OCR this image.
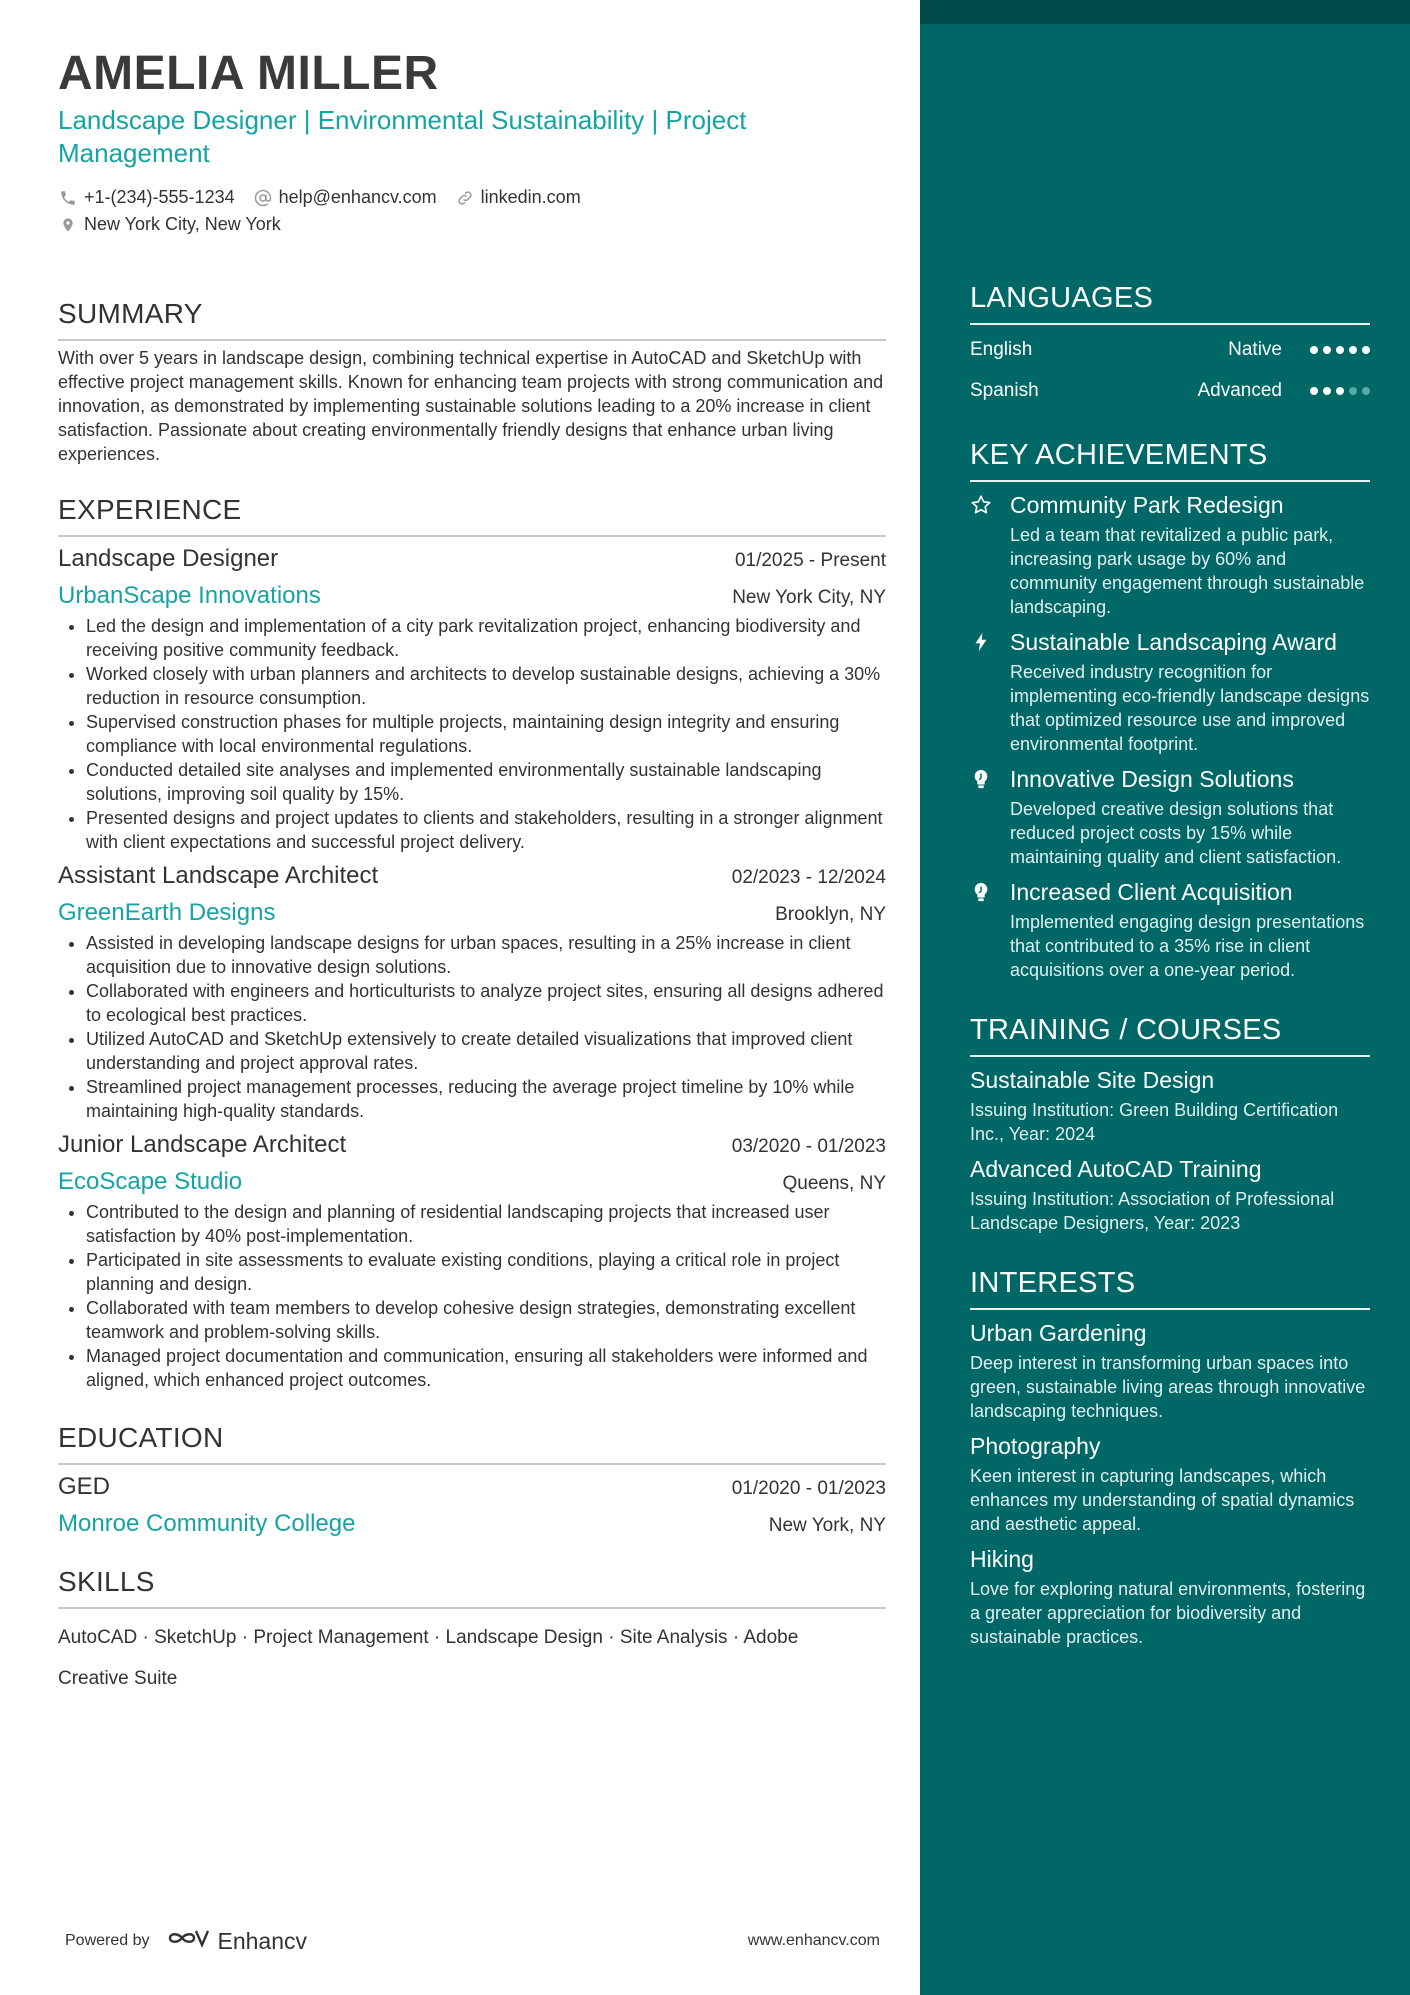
AMELIA MILLER
Landscape Designer | Environmental Sustainability | Project Management
+1-(234)-555-1234 help@enhancv.com linkedin.com
New York City, New York
SUMMARY
With over 5 years in landscape design, combining technical expertise in AutoCAD and SketchUp with effective project management skills. Known for enhancing team projects with strong communication and innovation, as demonstrated by implementing sustainable solutions leading to a 20% increase in client satisfaction. Passionate about creating environmentally friendly designs that enhance urban living experiences.
EXPERIENCE
Landscape Designer	01/2025 - Present
UrbanScape Innovations	New York City, NY
• Led the design and implementation of a city park revitalization project, enhancing biodiversity and receiving positive community feedback.
• Worked closely with urban planners and architects to develop sustainable designs, achieving a 30% reduction in resource consumption.
• Supervised construction phases for multiple projects, maintaining design integrity and ensuring compliance with local environmental regulations.
• Conducted detailed site analyses and implemented environmentally sustainable landscaping solutions, improving soil quality by 15%.
• Presented designs and project updates to clients and stakeholders, resulting in a stronger alignment with client expectations and successful project delivery.
Assistant Landscape Architect	02/2023 - 12/2024
GreenEarth Designs	Brooklyn, NY
• Assisted in developing landscape designs for urban spaces, resulting in a 25% increase in client acquisition due to innovative design solutions.
• Collaborated with engineers and horticulturists to analyze project sites, ensuring all designs adhered to ecological best practices.
• Utilized AutoCAD and SketchUp extensively to create detailed visualizations that improved client understanding and project approval rates.
• Streamlined project management processes, reducing the average project timeline by 10% while maintaining high-quality standards.
Junior Landscape Architect	03/2020 - 01/2023
EcoScape Studio	Queens, NY
• Contributed to the design and planning of residential landscaping projects that increased user satisfaction by 40% post-implementation.
• Participated in site assessments to evaluate existing conditions, playing a critical role in project planning and design.
• Collaborated with team members to develop cohesive design strategies, demonstrating excellent teamwork and problem-solving skills.
• Managed project documentation and communication, ensuring all stakeholders were informed and aligned, which enhanced project outcomes.
EDUCATION
GED	01/2020 - 01/2023
Monroe Community College	New York, NY
SKILLS
AutoCAD · SketchUp · Project Management · Landscape Design · Site Analysis · Adobe Creative Suite
Powered by	Enhancv	www.enhancv.com
LANGUAGES
English	Native
Spanish	Advanced
KEY ACHIEVEMENTS
Community Park Redesign
Led a team that revitalized a public park, increasing park usage by 60% and community engagement through sustainable landscaping.
Sustainable Landscaping Award
Received industry recognition for implementing eco-friendly landscape designs that optimized resource use and improved environmental footprint.
Innovative Design Solutions
Developed creative design solutions that reduced project costs by 15% while maintaining quality and client satisfaction.
Increased Client Acquisition
Implemented engaging design presentations that contributed to a 35% rise in client acquisitions over a one-year period.
TRAINING / COURSES
Sustainable Site Design
Issuing Institution: Green Building Certification Inc., Year: 2024
Advanced AutoCAD Training
Issuing Institution: Association of Professional Landscape Designers, Year: 2023
INTERESTS
Urban Gardening
Deep interest in transforming urban spaces into green, sustainable living areas through innovative landscaping techniques.
Photography
Keen interest in capturing landscapes, which enhances my understanding of spatial dynamics and aesthetic appeal.
Hiking
Love for exploring natural environments, fostering a greater appreciation for biodiversity and sustainable practices.
